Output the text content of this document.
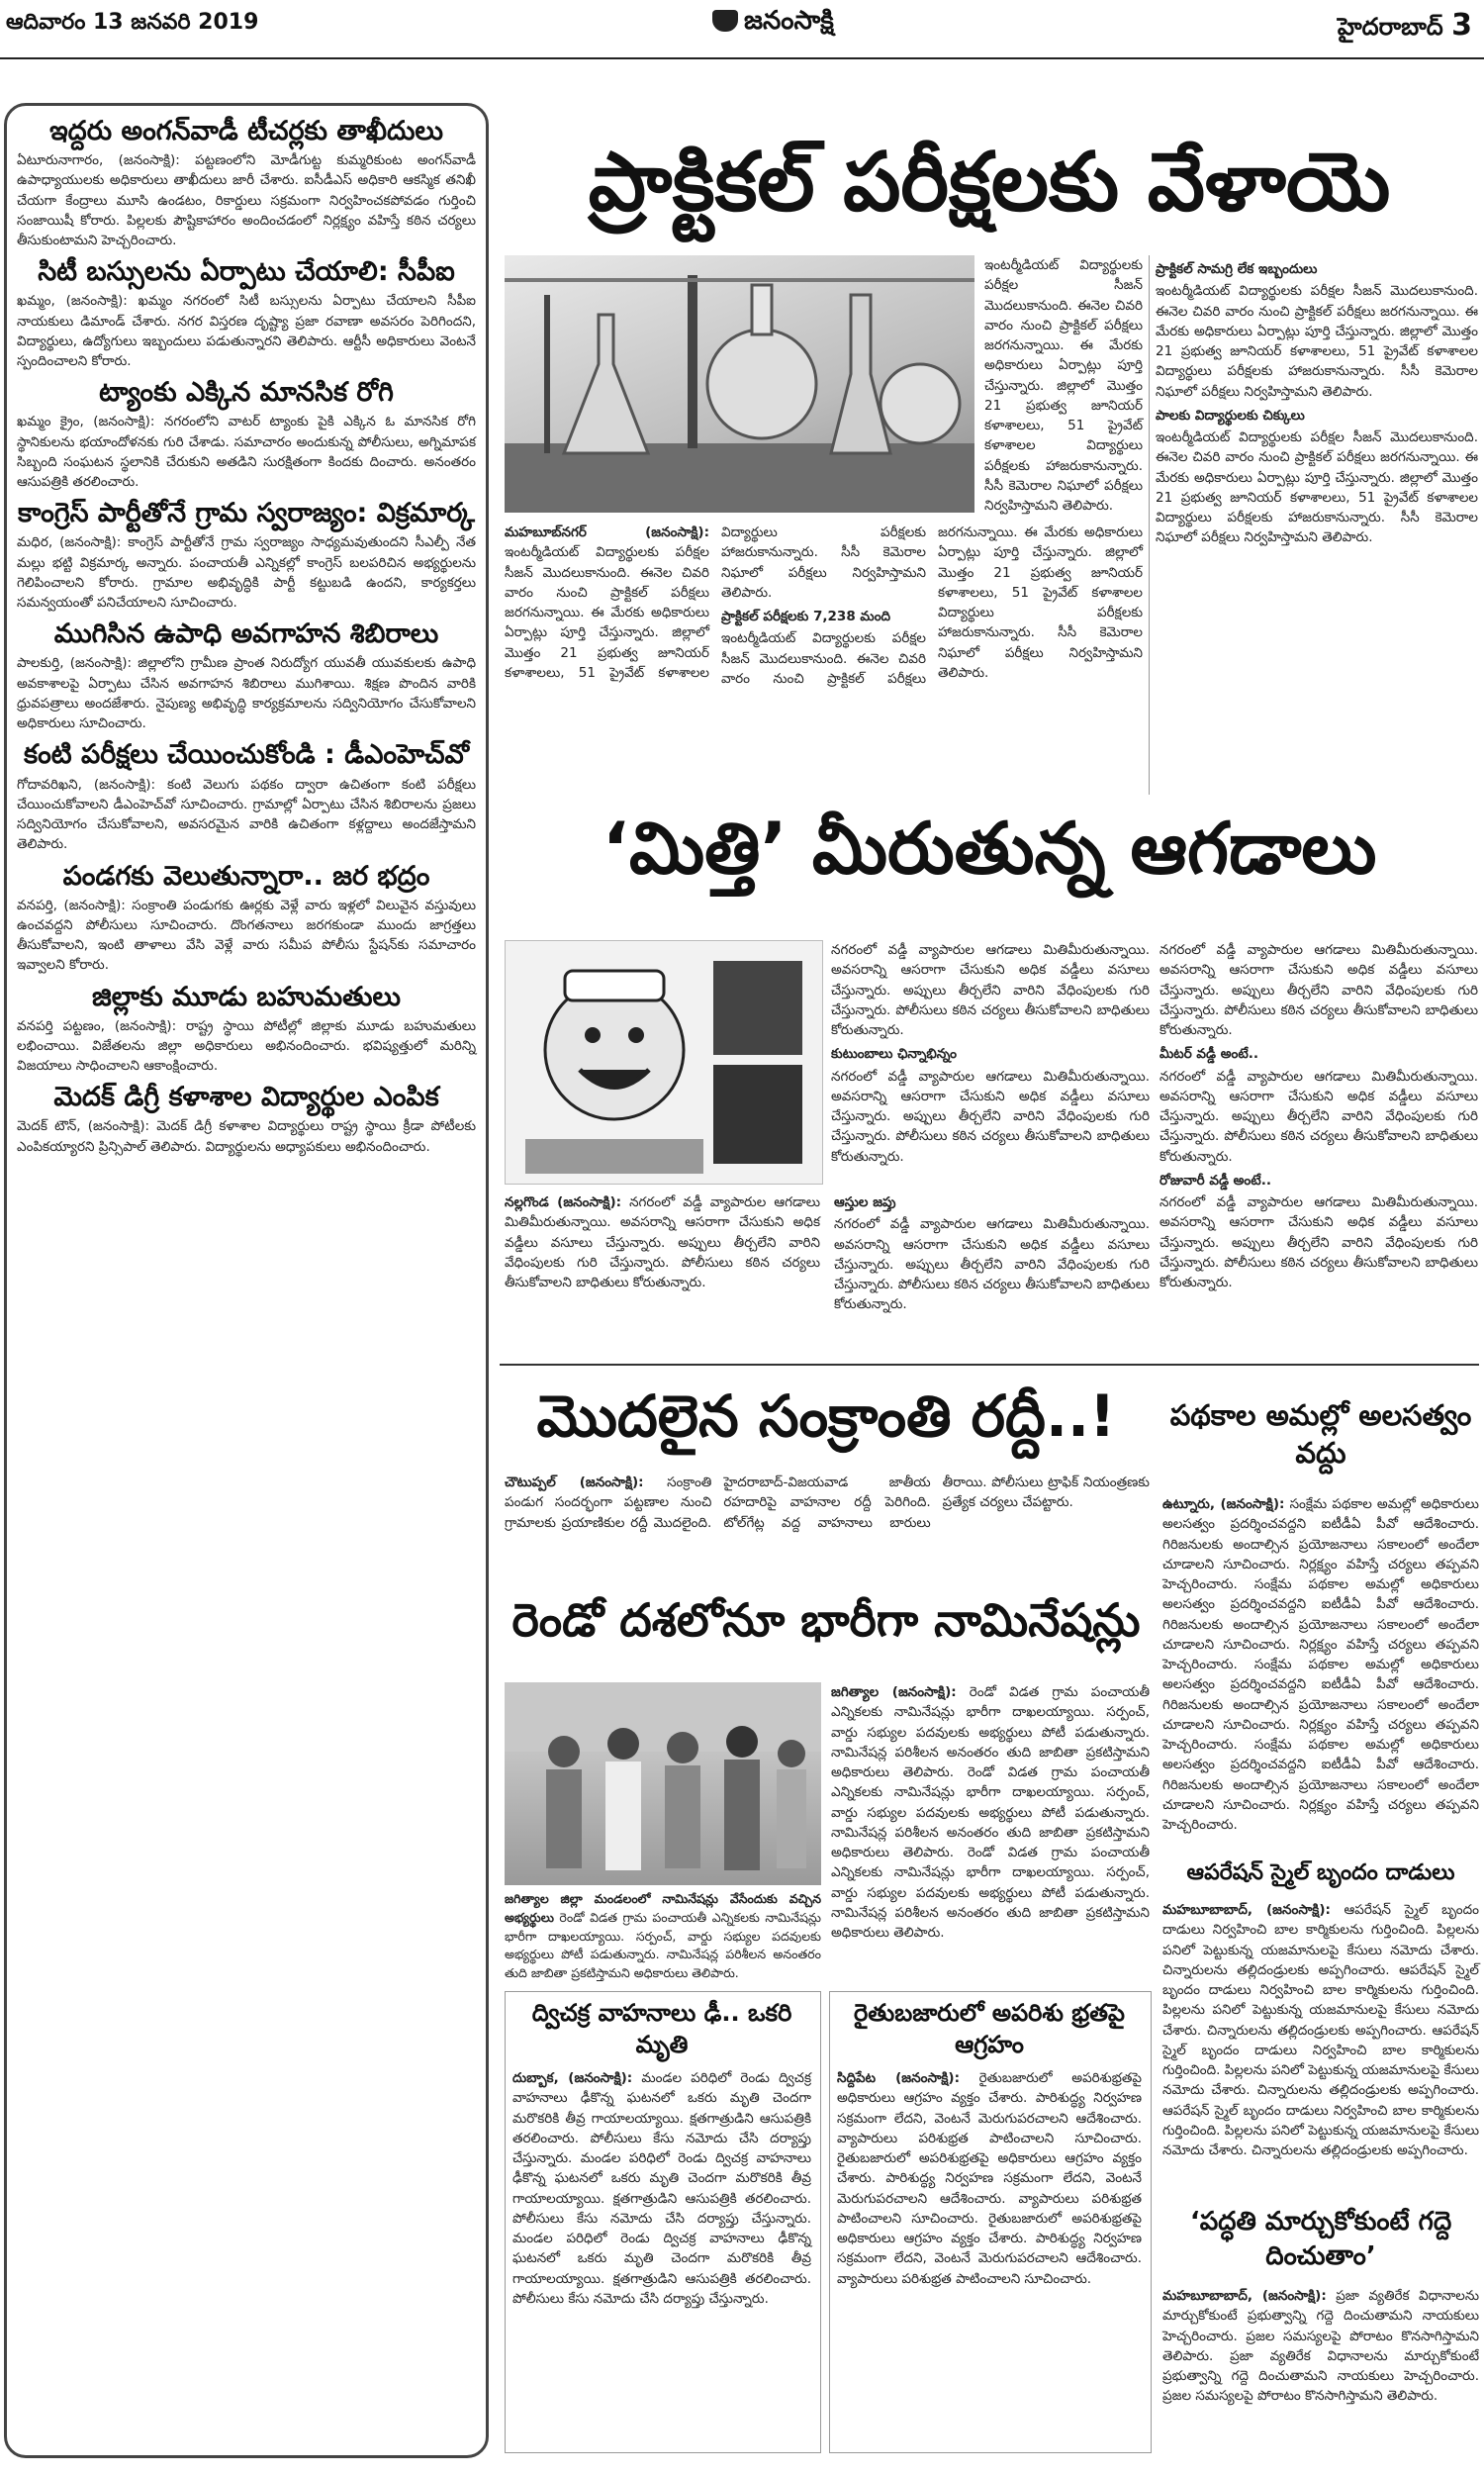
ఆదివారం 13 జనవరి 2019	జనంసాక్షి	హైదరాబాద్ 3
ఇద్దరు అంగన్‌వాడీ టీచర్లకు తాఖీదులు

ఏటూరునాగారం, (జనంసాక్షి): పట్టణంలోని మోడీగుట్ట కుమ్మరికుంట అంగన్‌వాడీ ఉపాధ్యాయులకు అధికారులు తాఖీదులు జారీ చేశారు. ఐసీడీఎస్ అధికారి ఆకస్మిక తనిఖీ చేయగా కేంద్రాలు మూసి ఉండటం, రికార్డులు సక్రమంగా నిర్వహించకపోవడం గుర్తించి సంజాయిషీ కోరారు. పిల్లలకు పౌష్టికాహారం అందించడంలో నిర్లక్ష్యం వహిస్తే కఠిన చర్యలు తీసుకుంటామని హెచ్చరించారు.

సిటీ బస్సులను ఏర్పాటు చేయాలి: సీపీఐ

ఖమ్మం, (జనంసాక్షి): ఖమ్మం నగరంలో సిటీ బస్సులను ఏర్పాటు చేయాలని సీపీఐ నాయకులు డిమాండ్ చేశారు. నగర విస్తరణ దృష్ట్యా ప్రజా రవాణా అవసరం పెరిగిందని, విద్యార్థులు, ఉద్యోగులు ఇబ్బందులు పడుతున్నారని తెలిపారు. ఆర్టీసీ అధికారులు వెంటనే స్పందించాలని కోరారు.

ట్యాంకు ఎక్కిన మానసిక రోగి

ఖమ్మం క్రైం, (జనంసాక్షి): నగరంలోని వాటర్ ట్యాంకు పైకి ఎక్కిన ఓ మానసిక రోగి స్థానికులను భయాందోళనకు గురి చేశాడు. సమాచారం అందుకున్న పోలీసులు, అగ్నిమాపక సిబ్బంది సంఘటన స్థలానికి చేరుకుని అతడిని సురక్షితంగా కిందకు దించారు. అనంతరం ఆసుపత్రికి తరలించారు.

కాంగ్రెస్ పార్టీతోనే గ్రామ స్వరాజ్యం: విక్రమార్క

మధిర, (జనంసాక్షి): కాంగ్రెస్ పార్టీతోనే గ్రామ స్వరాజ్యం సాధ్యమవుతుందని సీఎల్పీ నేత మల్లు భట్టి విక్రమార్క అన్నారు. పంచాయతీ ఎన్నికల్లో కాంగ్రెస్ బలపరిచిన అభ్యర్థులను గెలిపించాలని కోరారు. గ్రామాల అభివృద్ధికి పార్టీ కట్టుబడి ఉందని, కార్యకర్తలు సమన్వయంతో పనిచేయాలని సూచించారు.

ముగిసిన ఉపాధి అవగాహన శిబిరాలు

పాలకుర్తి, (జనంసాక్షి): జిల్లాలోని గ్రామీణ ప్రాంత నిరుద్యోగ యువతీ యువకులకు ఉపాధి అవకాశాలపై ఏర్పాటు చేసిన అవగాహన శిబిరాలు ముగిశాయి. శిక్షణ పొందిన వారికి ధ్రువపత్రాలు అందజేశారు. నైపుణ్య అభివృద్ధి కార్యక్రమాలను సద్వినియోగం చేసుకోవాలని అధికారులు సూచించారు.

కంటి పరీక్షలు చేయించుకోండి : డీఎంహెచ్‌వో

గోదావరిఖని, (జనంసాక్షి): కంటి వెలుగు పథకం ద్వారా ఉచితంగా కంటి పరీక్షలు చేయించుకోవాలని డీఎంహెచ్‌వో సూచించారు. గ్రామాల్లో ఏర్పాటు చేసిన శిబిరాలను ప్రజలు సద్వినియోగం చేసుకోవాలని, అవసరమైన వారికి ఉచితంగా కళ్లద్దాలు అందజేస్తామని తెలిపారు.

పండగకు వెలుతున్నారా.. జర భద్రం

వనపర్తి, (జనంసాక్షి): సంక్రాంతి పండుగకు ఊర్లకు వెళ్లే వారు ఇళ్లలో విలువైన వస్తువులు ఉంచవద్దని పోలీసులు సూచించారు. దొంగతనాలు జరగకుండా ముందు జాగ్రత్తలు తీసుకోవాలని, ఇంటి తాళాలు వేసి వెళ్లే వారు సమీప పోలీసు స్టేషన్‌కు సమాచారం ఇవ్వాలని కోరారు.

జిల్లాకు మూడు బహుమతులు

వనపర్తి పట్టణం, (జనంసాక్షి): రాష్ట్ర స్థాయి పోటీల్లో జిల్లాకు మూడు బహుమతులు లభించాయి. విజేతలను జిల్లా అధికారులు అభినందించారు. భవిష్యత్తులో మరిన్ని విజయాలు సాధించాలని ఆకాంక్షించారు.

మెదక్ డిగ్రీ కళాశాల విద్యార్థుల ఎంపిక

మెదక్ టౌన్, (జనంసాక్షి): మెదక్ డిగ్రీ కళాశాల విద్యార్థులు రాష్ట్ర స్థాయి క్రీడా పోటీలకు ఎంపికయ్యారని ప్రిన్సిపాల్ తెలిపారు. విద్యార్థులను అధ్యాపకులు అభినందించారు.

ప్రాక్టికల్ పరీక్షలకు వేళాయె
ఇంటర్మీడియట్ విద్యార్థులకు పరీక్షల సీజన్ మొదలుకానుంది. ఈనెల చివరి వారం నుంచి ప్రాక్టికల్ పరీక్షలు జరగనున్నాయి. ఈ మేరకు అధికారులు ఏర్పాట్లు పూర్తి చేస్తున్నారు. జిల్లాలో మొత్తం 21 ప్రభుత్వ జూనియర్ కళాశాలలు, 51 ప్రైవేట్ కళాశాలల విద్యార్థులు పరీక్షలకు హాజరుకానున్నారు. సీసీ కెమెరాల నిఘాలో పరీక్షలు నిర్వహిస్తామని తెలిపారు.
ప్రాక్టికల్ సామగ్రి లేక ఇబ్బందులు
ఇంటర్మీడియట్ విద్యార్థులకు పరీక్షల సీజన్ మొదలుకానుంది. ఈనెల చివరి వారం నుంచి ప్రాక్టికల్ పరీక్షలు జరగనున్నాయి. ఈ మేరకు అధికారులు ఏర్పాట్లు పూర్తి చేస్తున్నారు. జిల్లాలో మొత్తం 21 ప్రభుత్వ జూనియర్ కళాశాలలు, 51 ప్రైవేట్ కళాశాలల విద్యార్థులు పరీక్షలకు హాజరుకానున్నారు. సీసీ కెమెరాల నిఘాలో పరీక్షలు నిర్వహిస్తామని తెలిపారు.
పాలకు విద్యార్థులకు చిక్కులు
ఇంటర్మీడియట్ విద్యార్థులకు పరీక్షల సీజన్ మొదలుకానుంది. ఈనెల చివరి వారం నుంచి ప్రాక్టికల్ పరీక్షలు జరగనున్నాయి. ఈ మేరకు అధికారులు ఏర్పాట్లు పూర్తి చేస్తున్నారు. జిల్లాలో మొత్తం 21 ప్రభుత్వ జూనియర్ కళాశాలలు, 51 ప్రైవేట్ కళాశాలల విద్యార్థులు పరీక్షలకు హాజరుకానున్నారు. సీసీ కెమెరాల నిఘాలో పరీక్షలు నిర్వహిస్తామని తెలిపారు.
మహబూబ్‌నగర్ (జనంసాక్షి): ఇంటర్మీడియట్ విద్యార్థులకు పరీక్షల సీజన్ మొదలుకానుంది. ఈనెల చివరి వారం నుంచి ప్రాక్టికల్ పరీక్షలు జరగనున్నాయి. ఈ మేరకు అధికారులు ఏర్పాట్లు పూర్తి చేస్తున్నారు. జిల్లాలో మొత్తం 21 ప్రభుత్వ జూనియర్ కళాశాలలు, 51 ప్రైవేట్ కళాశాలల విద్యార్థులు పరీక్షలకు హాజరుకానున్నారు. సీసీ కెమెరాల నిఘాలో పరీక్షలు నిర్వహిస్తామని తెలిపారు.
ప్రాక్టికల్ పరీక్షలకు 7,238 మంది
ఇంటర్మీడియట్ విద్యార్థులకు పరీక్షల సీజన్ మొదలుకానుంది. ఈనెల చివరి వారం నుంచి ప్రాక్టికల్ పరీక్షలు జరగనున్నాయి. ఈ మేరకు అధికారులు ఏర్పాట్లు పూర్తి చేస్తున్నారు. జిల్లాలో మొత్తం 21 ప్రభుత్వ జూనియర్ కళాశాలలు, 51 ప్రైవేట్ కళాశాలల విద్యార్థులు పరీక్షలకు హాజరుకానున్నారు. సీసీ కెమెరాల నిఘాలో పరీక్షలు నిర్వహిస్తామని తెలిపారు.
‘మిత్తి’ మీరుతున్న ఆగడాలు
నగరంలో వడ్డీ వ్యాపారుల ఆగడాలు మితిమీరుతున్నాయి. అవసరాన్ని ఆసరాగా చేసుకుని అధిక వడ్డీలు వసూలు చేస్తున్నారు. అప్పులు తీర్చలేని వారిని వేధింపులకు గురి చేస్తున్నారు. పోలీసులు కఠిన చర్యలు తీసుకోవాలని బాధితులు కోరుతున్నారు.
కుటుంబాలు ఛిన్నాభిన్నం
నగరంలో వడ్డీ వ్యాపారుల ఆగడాలు మితిమీరుతున్నాయి. అవసరాన్ని ఆసరాగా చేసుకుని అధిక వడ్డీలు వసూలు చేస్తున్నారు. అప్పులు తీర్చలేని వారిని వేధింపులకు గురి చేస్తున్నారు. పోలీసులు కఠిన చర్యలు తీసుకోవాలని బాధితులు కోరుతున్నారు.
నగరంలో వడ్డీ వ్యాపారుల ఆగడాలు మితిమీరుతున్నాయి. అవసరాన్ని ఆసరాగా చేసుకుని అధిక వడ్డీలు వసూలు చేస్తున్నారు. అప్పులు తీర్చలేని వారిని వేధింపులకు గురి చేస్తున్నారు. పోలీసులు కఠిన చర్యలు తీసుకోవాలని బాధితులు కోరుతున్నారు.
మీటర్ వడ్డీ అంటే..
నగరంలో వడ్డీ వ్యాపారుల ఆగడాలు మితిమీరుతున్నాయి. అవసరాన్ని ఆసరాగా చేసుకుని అధిక వడ్డీలు వసూలు చేస్తున్నారు. అప్పులు తీర్చలేని వారిని వేధింపులకు గురి చేస్తున్నారు. పోలీసులు కఠిన చర్యలు తీసుకోవాలని బాధితులు కోరుతున్నారు.
రోజువారీ వడ్డీ అంటే..
నగరంలో వడ్డీ వ్యాపారుల ఆగడాలు మితిమీరుతున్నాయి. అవసరాన్ని ఆసరాగా చేసుకుని అధిక వడ్డీలు వసూలు చేస్తున్నారు. అప్పులు తీర్చలేని వారిని వేధింపులకు గురి చేస్తున్నారు. పోలీసులు కఠిన చర్యలు తీసుకోవాలని బాధితులు కోరుతున్నారు.
నల్లగొండ (జనంసాక్షి): నగరంలో వడ్డీ వ్యాపారుల ఆగడాలు మితిమీరుతున్నాయి. అవసరాన్ని ఆసరాగా చేసుకుని అధిక వడ్డీలు వసూలు చేస్తున్నారు. అప్పులు తీర్చలేని వారిని వేధింపులకు గురి చేస్తున్నారు. పోలీసులు కఠిన చర్యలు తీసుకోవాలని బాధితులు కోరుతున్నారు.
ఆస్తుల జప్తు
నగరంలో వడ్డీ వ్యాపారుల ఆగడాలు మితిమీరుతున్నాయి. అవసరాన్ని ఆసరాగా చేసుకుని అధిక వడ్డీలు వసూలు చేస్తున్నారు. అప్పులు తీర్చలేని వారిని వేధింపులకు గురి చేస్తున్నారు. పోలీసులు కఠిన చర్యలు తీసుకోవాలని బాధితులు కోరుతున్నారు.
మొదలైన సంక్రాంతి రద్దీ..!
చౌటుప్పల్ (జనంసాక్షి): సంక్రాంతి పండుగ సందర్భంగా పట్టణాల నుంచి గ్రామాలకు ప్రయాణికుల రద్దీ మొదలైంది. హైదరాబాద్-విజయవాడ జాతీయ రహదారిపై వాహనాల రద్దీ పెరిగింది. టోల్‌గేట్ల వద్ద వాహనాలు బారులు తీరాయి. పోలీసులు ట్రాఫిక్ నియంత్రణకు ప్రత్యేక చర్యలు చేపట్టారు.
పథకాల అమల్లో అలసత్వం వద్దు
ఉట్నూరు, (జనంసాక్షి): సంక్షేమ పథకాల అమల్లో అధికారులు అలసత్వం ప్రదర్శించవద్దని ఐటీడీఏ పీవో ఆదేశించారు. గిరిజనులకు అందాల్సిన ప్రయోజనాలు సకాలంలో అందేలా చూడాలని సూచించారు. నిర్లక్ష్యం వహిస్తే చర్యలు తప్పవని హెచ్చరించారు. సంక్షేమ పథకాల అమల్లో అధికారులు అలసత్వం ప్రదర్శించవద్దని ఐటీడీఏ పీవో ఆదేశించారు. గిరిజనులకు అందాల్సిన ప్రయోజనాలు సకాలంలో అందేలా చూడాలని సూచించారు. నిర్లక్ష్యం వహిస్తే చర్యలు తప్పవని హెచ్చరించారు. సంక్షేమ పథకాల అమల్లో అధికారులు అలసత్వం ప్రదర్శించవద్దని ఐటీడీఏ పీవో ఆదేశించారు. గిరిజనులకు అందాల్సిన ప్రయోజనాలు సకాలంలో అందేలా చూడాలని సూచించారు. నిర్లక్ష్యం వహిస్తే చర్యలు తప్పవని హెచ్చరించారు. సంక్షేమ పథకాల అమల్లో అధికారులు అలసత్వం ప్రదర్శించవద్దని ఐటీడీఏ పీవో ఆదేశించారు. గిరిజనులకు అందాల్సిన ప్రయోజనాలు సకాలంలో అందేలా చూడాలని సూచించారు. నిర్లక్ష్యం వహిస్తే చర్యలు తప్పవని హెచ్చరించారు.
రెండో దశలోనూ భారీగా నామినేషన్లు
జగిత్యాల (జనంసాక్షి): రెండో విడత గ్రామ పంచాయతీ ఎన్నికలకు నామినేషన్లు భారీగా దాఖలయ్యాయి. సర్పంచ్, వార్డు సభ్యుల పదవులకు అభ్యర్థులు పోటీ పడుతున్నారు. నామినేషన్ల పరిశీలన అనంతరం తుది జాబితా ప్రకటిస్తామని అధికారులు తెలిపారు. రెండో విడత గ్రామ పంచాయతీ ఎన్నికలకు నామినేషన్లు భారీగా దాఖలయ్యాయి. సర్పంచ్, వార్డు సభ్యుల పదవులకు అభ్యర్థులు పోటీ పడుతున్నారు. నామినేషన్ల పరిశీలన అనంతరం తుది జాబితా ప్రకటిస్తామని అధికారులు తెలిపారు. రెండో విడత గ్రామ పంచాయతీ ఎన్నికలకు నామినేషన్లు భారీగా దాఖలయ్యాయి. సర్పంచ్, వార్డు సభ్యుల పదవులకు అభ్యర్థులు పోటీ పడుతున్నారు. నామినేషన్ల పరిశీలన అనంతరం తుది జాబితా ప్రకటిస్తామని అధికారులు తెలిపారు.
జగిత్యాల జిల్లా మండలంలో నామినేషన్లు వేసేందుకు వచ్చిన అభ్యర్థులు రెండో విడత గ్రామ పంచాయతీ ఎన్నికలకు నామినేషన్లు భారీగా దాఖలయ్యాయి. సర్పంచ్, వార్డు సభ్యుల పదవులకు అభ్యర్థులు పోటీ పడుతున్నారు. నామినేషన్ల పరిశీలన అనంతరం తుది జాబితా ప్రకటిస్తామని అధికారులు తెలిపారు.
ఆపరేషన్ స్మైల్ బృందం దాడులు
మహబూబాబాద్, (జనంసాక్షి): ఆపరేషన్ స్మైల్ బృందం దాడులు నిర్వహించి బాల కార్మికులను గుర్తించింది. పిల్లలను పనిలో పెట్టుకున్న యజమానులపై కేసులు నమోదు చేశారు. చిన్నారులను తల్లిదండ్రులకు అప్పగించారు. ఆపరేషన్ స్మైల్ బృందం దాడులు నిర్వహించి బాల కార్మికులను గుర్తించింది. పిల్లలను పనిలో పెట్టుకున్న యజమానులపై కేసులు నమోదు చేశారు. చిన్నారులను తల్లిదండ్రులకు అప్పగించారు. ఆపరేషన్ స్మైల్ బృందం దాడులు నిర్వహించి బాల కార్మికులను గుర్తించింది. పిల్లలను పనిలో పెట్టుకున్న యజమానులపై కేసులు నమోదు చేశారు. చిన్నారులను తల్లిదండ్రులకు అప్పగించారు. ఆపరేషన్ స్మైల్ బృందం దాడులు నిర్వహించి బాల కార్మికులను గుర్తించింది. పిల్లలను పనిలో పెట్టుకున్న యజమానులపై కేసులు నమోదు చేశారు. చిన్నారులను తల్లిదండ్రులకు అప్పగించారు.
ద్విచక్ర వాహనాలు ఢీ.. ఒకరి మృతి
దుబ్బాక, (జనంసాక్షి): మండల పరిధిలో రెండు ద్విచక్ర వాహనాలు ఢీకొన్న ఘటనలో ఒకరు మృతి చెందగా మరొకరికి తీవ్ర గాయాలయ్యాయి. క్షతగాత్రుడిని ఆసుపత్రికి తరలించారు. పోలీసులు కేసు నమోదు చేసి దర్యాప్తు చేస్తున్నారు. మండల పరిధిలో రెండు ద్విచక్ర వాహనాలు ఢీకొన్న ఘటనలో ఒకరు మృతి చెందగా మరొకరికి తీవ్ర గాయాలయ్యాయి. క్షతగాత్రుడిని ఆసుపత్రికి తరలించారు. పోలీసులు కేసు నమోదు చేసి దర్యాప్తు చేస్తున్నారు. మండల పరిధిలో రెండు ద్విచక్ర వాహనాలు ఢీకొన్న ఘటనలో ఒకరు మృతి చెందగా మరొకరికి తీవ్ర గాయాలయ్యాయి. క్షతగాత్రుడిని ఆసుపత్రికి తరలించారు. పోలీసులు కేసు నమోదు చేసి దర్యాప్తు చేస్తున్నారు.
రైతుబజారులో అపరిశు భ్రతపై ఆగ్రహం
సిద్దిపేట (జనంసాక్షి): రైతుబజారులో అపరిశుభ్రతపై అధికారులు ఆగ్రహం వ్యక్తం చేశారు. పారిశుద్ధ్య నిర్వహణ సక్రమంగా లేదని, వెంటనే మెరుగుపరచాలని ఆదేశించారు. వ్యాపారులు పరిశుభ్రత పాటించాలని సూచించారు. రైతుబజారులో అపరిశుభ్రతపై అధికారులు ఆగ్రహం వ్యక్తం చేశారు. పారిశుద్ధ్య నిర్వహణ సక్రమంగా లేదని, వెంటనే మెరుగుపరచాలని ఆదేశించారు. వ్యాపారులు పరిశుభ్రత పాటించాలని సూచించారు. రైతుబజారులో అపరిశుభ్రతపై అధికారులు ఆగ్రహం వ్యక్తం చేశారు. పారిశుద్ధ్య నిర్వహణ సక్రమంగా లేదని, వెంటనే మెరుగుపరచాలని ఆదేశించారు. వ్యాపారులు పరిశుభ్రత పాటించాలని సూచించారు.
‘పద్ధతి మార్చుకోకుంటే గద్దె దించుతాం’
మహబూబాబాద్, (జనంసాక్షి): ప్రజా వ్యతిరేక విధానాలను మార్చుకోకుంటే ప్రభుత్వాన్ని గద్దె దించుతామని నాయకులు హెచ్చరించారు. ప్రజల సమస్యలపై పోరాటం కొనసాగిస్తామని తెలిపారు. ప్రజా వ్యతిరేక విధానాలను మార్చుకోకుంటే ప్రభుత్వాన్ని గద్దె దించుతామని నాయకులు హెచ్చరించారు. ప్రజల సమస్యలపై పోరాటం కొనసాగిస్తామని తెలిపారు.
